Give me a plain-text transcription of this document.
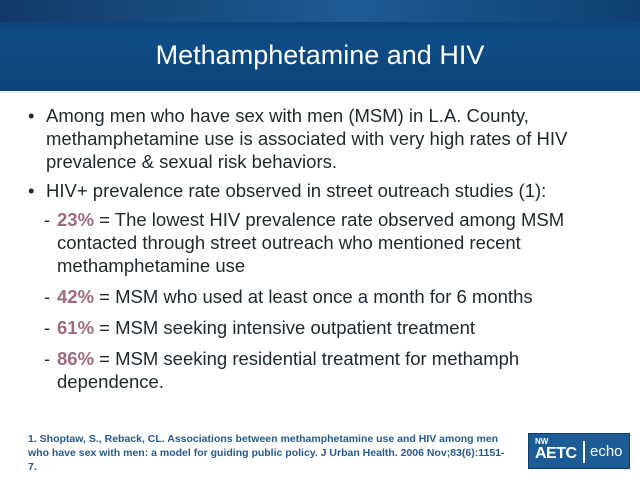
Methamphetamine and HIV
• Among men who have sex with men (MSM) in L.A. County, methamphetamine use is associated with very high rates of HIV prevalence & sexual risk behaviors.
• HIV+ prevalence rate observed in street outreach studies (1):
- 23% = The lowest HIV prevalence rate observed among MSM contacted through street outreach who mentioned recent methamphetamine use
- 42% = MSM who used at least once a month for 6 months
- 61% = MSM seeking intensive outpatient treatment
- 86% = MSM seeking residential treatment for methamph dependence.
1. Shoptaw, S., Reback, CL. Associations between methamphetamine use and HIV among men who have sex with men: a model for guiding public policy. J Urban Health. 2006 Nov;83(6):1151-7.
NW
AETC echo
